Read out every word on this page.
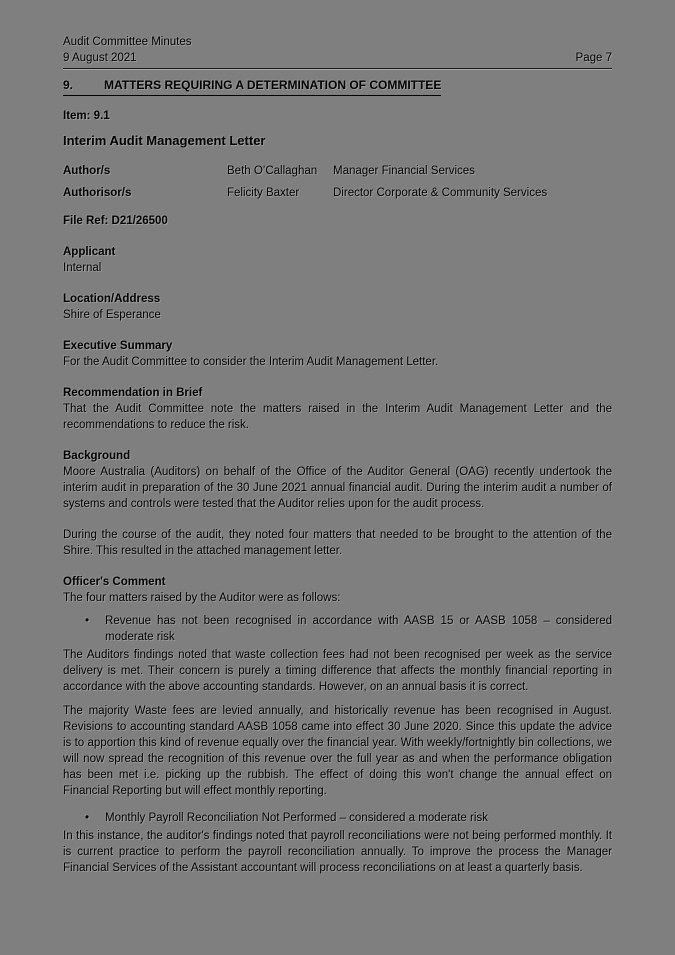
Audit Committee Minutes
9 August 2021	Page 7
9.	MATTERS REQUIRING A DETERMINATION OF COMMITTEE
Item: 9.1
Interim Audit Management Letter
Author/s	Beth O’Callaghan	Manager Financial Services
Authorisor/s	Felicity Baxter	Director Corporate & Community Services
File Ref: D21/26500
Applicant
Internal
Location/Address
Shire of Esperance
Executive Summary
For the Audit Committee to consider the Interim Audit Management Letter.
Recommendation in Brief
That the Audit Committee note the matters raised in the Interim Audit Management Letter and the recommendations to reduce the risk.
Background
Moore Australia (Auditors) on behalf of the Office of the Auditor General (OAG) recently undertook the interim audit in preparation of the 30 June 2021 annual financial audit. During the interim audit a number of systems and controls were tested that the Auditor relies upon for the audit process.
During the course of the audit, they noted four matters that needed to be brought to the attention of the Shire. This resulted in the attached management letter.
Officer's Comment
The four matters raised by the Auditor were as follows:
•	Revenue has not been recognised in accordance with AASB 15 or AASB 1058 – considered moderate risk
The Auditors findings noted that waste collection fees had not been recognised per week as the service delivery is met. Their concern is purely a timing difference that affects the monthly financial reporting in accordance with the above accounting standards. However, on an annual basis it is correct.
The majority Waste fees are levied annually, and historically revenue has been recognised in August. Revisions to accounting standard AASB 1058 came into effect 30 June 2020. Since this update the advice is to apportion this kind of revenue equally over the financial year. With weekly/fortnightly bin collections, we will now spread the recognition of this revenue over the full year as and when the performance obligation has been met i.e. picking up the rubbish. The effect of doing this won't change the annual effect on Financial Reporting but will effect monthly reporting.
•	Monthly Payroll Reconciliation Not Performed – considered a moderate risk
In this instance, the auditor's findings noted that payroll reconciliations were not being performed monthly. It is current practice to perform the payroll reconciliation annually. To improve the process the Manager Financial Services of the Assistant accountant will process reconciliations on at least a quarterly basis.
